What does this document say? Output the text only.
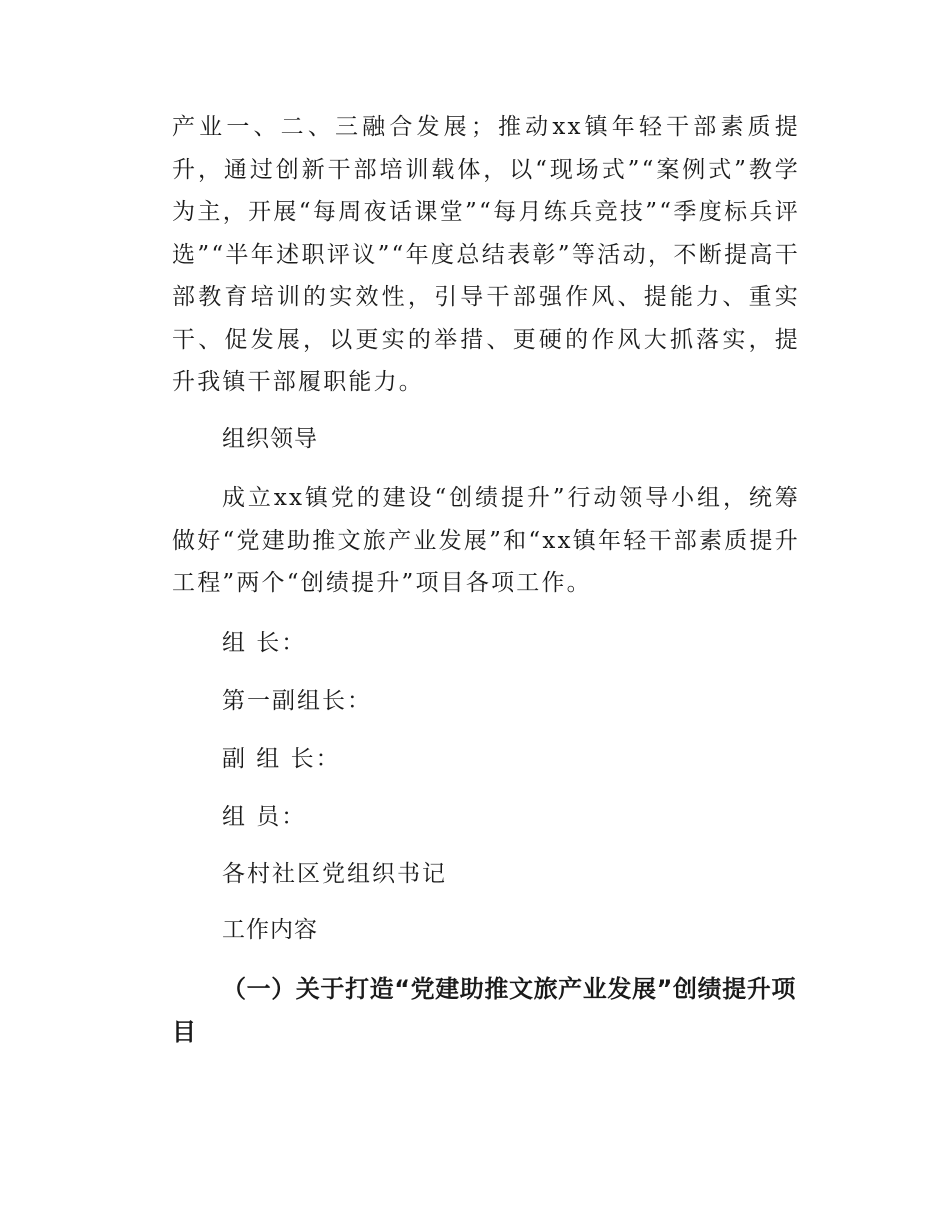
产业一、二、三融合发展；推动xx镇年轻干部素质提升，通过创新干部培训载体，以“现场式”“案例式”教学为主，开展“每周夜话课堂”“每月练兵竞技”“季度标兵评选”“半年述职评议”“年度总结表彰”等活动，不断提高干部教育培训的实效性，引导干部强作风、提能力、重实干、促发展，以更实的举措、更硬的作风大抓落实，提升我镇干部履职能力。

组织领导

成立xx镇党的建设“创绩提升”行动领导小组，统筹做好“党建助推文旅产业发展”和“xx镇年轻干部素质提升工程”两个“创绩提升”项目各项工作。

组 长：

第一副组长：

副 组 长：

组 员：

各村社区党组织书记

工作内容
（一）关于打造“党建助推文旅产业发展”创绩提升项目
